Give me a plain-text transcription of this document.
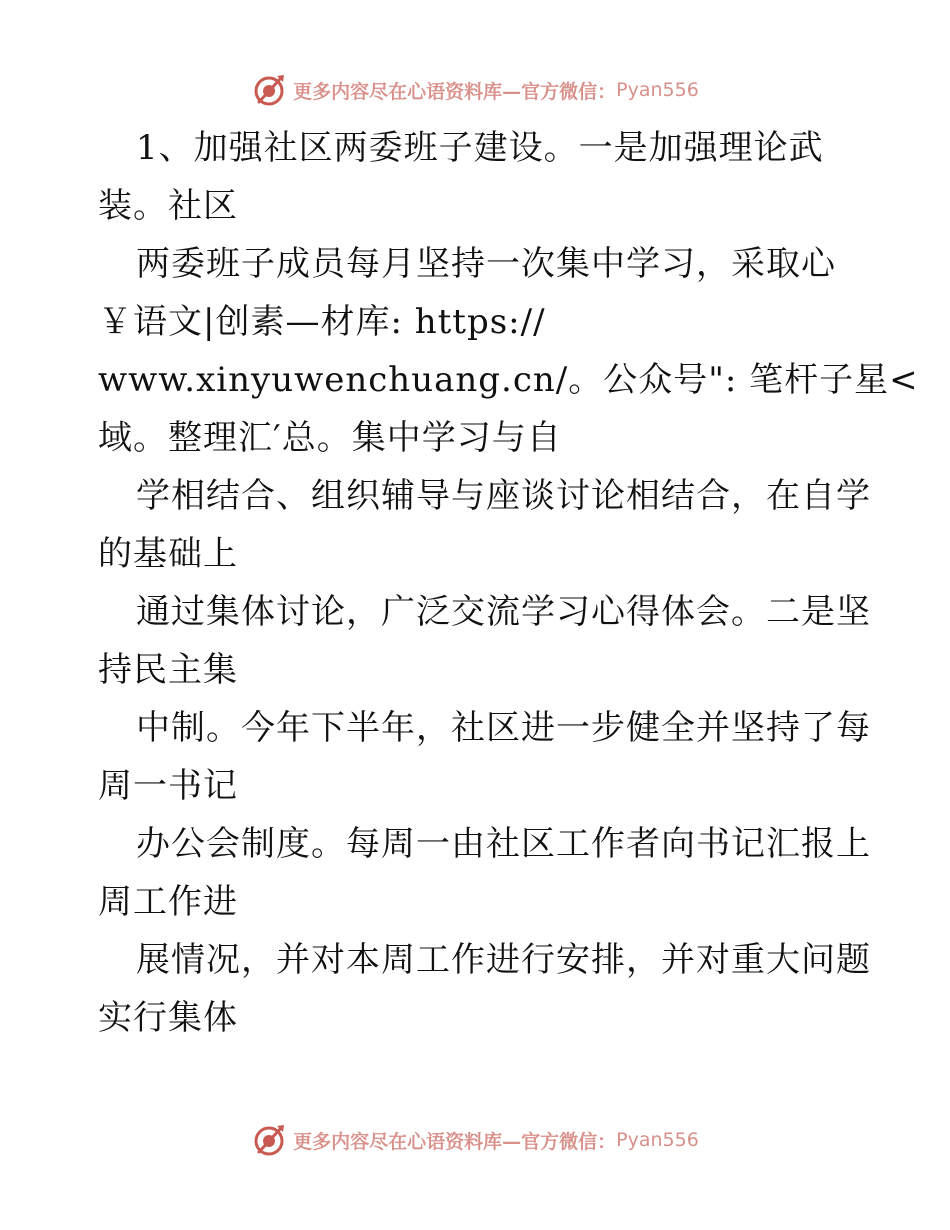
更多内容尽在心语资料库—官方微信： Pyan556
1、加强社区两委班子建设。一是加强理论武
装。社区
两委班子成员每月坚持一次集中学习，采取心
￥语文|创素—材库: https://
www.xinyuwenchuang.cn/。公众号": 笔杆子星<
域。整理汇′总。集中学习与自
学相结合、组织辅导与座谈讨论相结合，在自学
的基础上
通过集体讨论，广泛交流学习心得体会。二是坚
持民主集
中制。今年下半年，社区进一步健全并坚持了每
周一书记
办公会制度。每周一由社区工作者向书记汇报上
周工作进
展情况，并对本周工作进行安排，并对重大问题
实行集体
更多内容尽在心语资料库—官方微信： Pyan556
